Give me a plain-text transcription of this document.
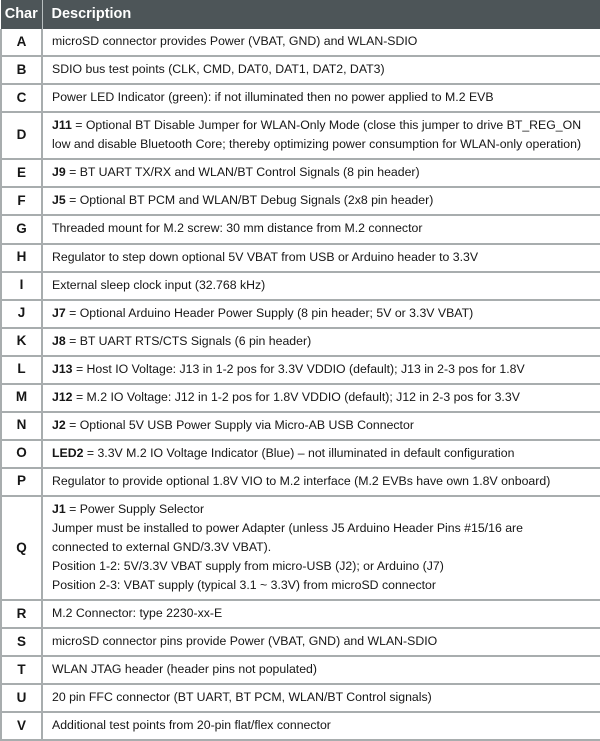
Char	Description
A	microSD connector provides Power (VBAT, GND) and WLAN-SDIO

B	SDIO bus test points (CLK, CMD, DAT0, DAT1, DAT2, DAT3)

C	Power LED Indicator (green): if not illuminated then no power applied to M.2 EVB

D	J11 = Optional BT Disable Jumper for WLAN-Only Mode (close this jumper to drive BT_REG_ON
low and disable Bluetooth Core; thereby optimizing power consumption for WLAN-only operation)

E	J9 = BT UART TX/RX and WLAN/BT Control Signals (8 pin header)

F	J5 = Optional BT PCM and WLAN/BT Debug Signals (2x8 pin header)

G	Threaded mount for M.2 screw: 30 mm distance from M.2 connector

H	Regulator to step down optional 5V VBAT from USB or Arduino header to 3.3V

I	External sleep clock input (32.768 kHz)

J	J7 = Optional Arduino Header Power Supply (8 pin header; 5V or 3.3V VBAT)

K	J8 = BT UART RTS/CTS Signals (6 pin header)

L	J13 = Host IO Voltage: J13 in 1-2 pos for 3.3V VDDIO (default); J13 in 2-3 pos for 1.8V

M	J12 = M.2 IO Voltage: J12 in 1-2 pos for 1.8V VDDIO (default); J12 in 2-3 pos for 3.3V

N	J2 = Optional 5V USB Power Supply via Micro-AB USB Connector

O	LED2 = 3.3V M.2 IO Voltage Indicator (Blue) – not illuminated in default configuration

P	Regulator to provide optional 1.8V VIO to M.2 interface (M.2 EVBs have own 1.8V onboard)

Q	J1 = Power Supply Selector
Jumper must be installed to power Adapter (unless J5 Arduino Header Pins #15/16 are
connected to external GND/3.3V VBAT).
Position 1-2: 5V/3.3V VBAT supply from micro-USB (J2); or Arduino (J7)
Position 2-3: VBAT supply (typical 3.1 ~ 3.3V) from microSD connector

R	M.2 Connector: type 2230-xx-E

S	microSD connector pins provide Power (VBAT, GND) and WLAN-SDIO

T	WLAN JTAG header (header pins not populated)

U	20 pin FFC connector (BT UART, BT PCM, WLAN/BT Control signals)

V	Additional test points from 20-pin flat/flex connector
